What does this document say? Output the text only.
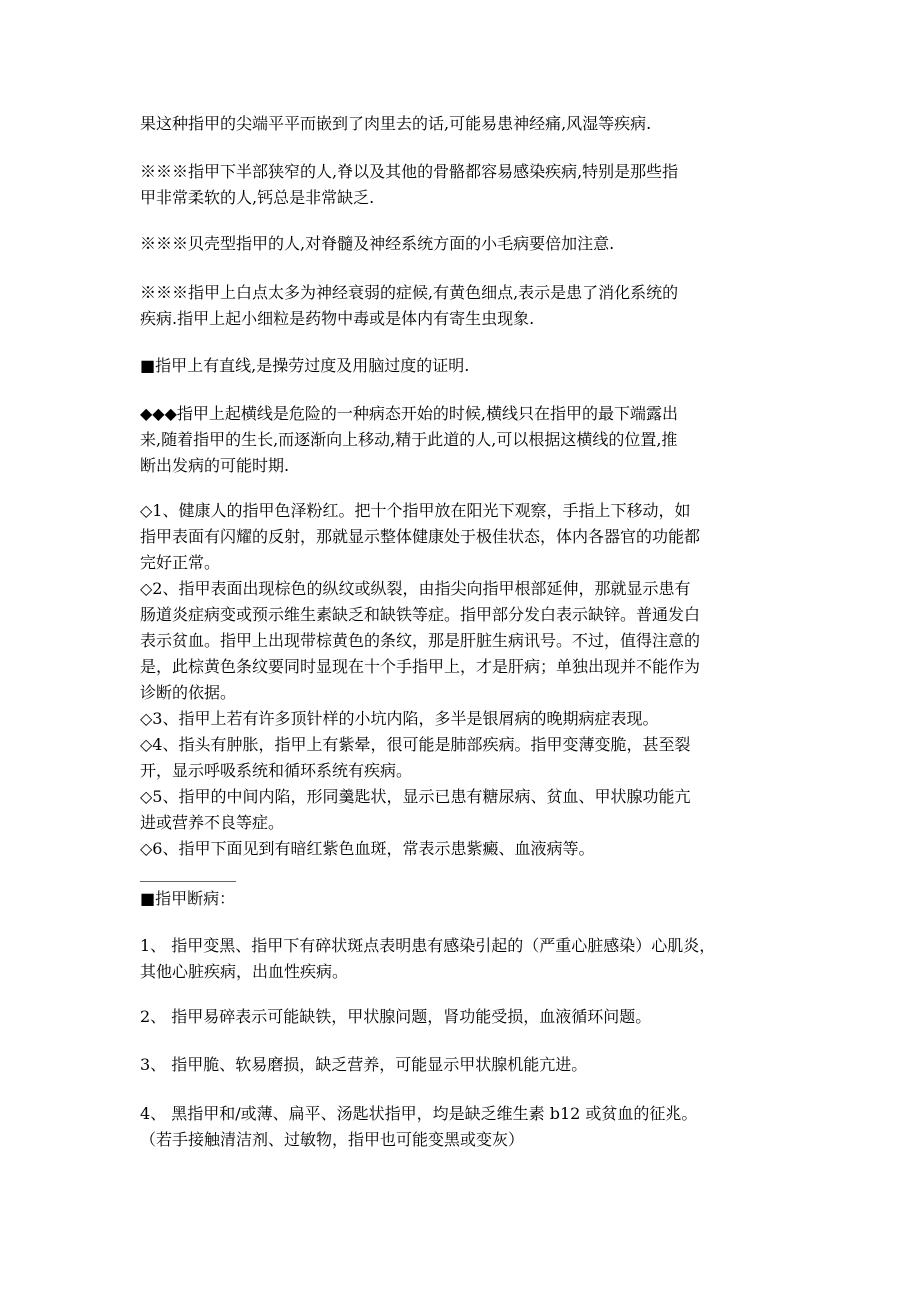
果这种指甲的尖端平平而嵌到了肉里去的话,可能易患神经痛,风湿等疾病.

※※※指甲下半部狭窄的人,脊以及其他的骨骼都容易感染疾病,特别是那些指
甲非常柔软的人,钙总是非常缺乏.

※※※贝壳型指甲的人,对脊髓及神经系统方面的小毛病要倍加注意.

※※※指甲上白点太多为神经衰弱的症候,有黄色细点,表示是患了消化系统的
疾病.指甲上起小细粒是药物中毒或是体内有寄生虫现象.

■指甲上有直线,是操劳过度及用脑过度的证明.

◆◆◆指甲上起横线是危险的一种病态开始的时候,横线只在指甲的最下端露出
来,随着指甲的生长,而逐渐向上移动,精于此道的人,可以根据这横线的位置,推
断出发病的可能时期.

◇1、健康人的指甲色泽粉红。把十个指甲放在阳光下观察，手指上下移动，如
指甲表面有闪耀的反射，那就显示整体健康处于极佳状态，体内各器官的功能都
完好正常。
◇2、指甲表面出现棕色的纵纹或纵裂，由指尖向指甲根部延伸，那就显示患有
肠道炎症病变或预示维生素缺乏和缺铁等症。指甲部分发白表示缺锌。普通发白
表示贫血。指甲上出现带棕黄色的条纹，那是肝脏生病讯号。不过，值得注意的
是，此棕黄色条纹要同时显现在十个手指甲上，才是肝病；单独出现并不能作为
诊断的依据。
◇3、指甲上若有许多顶针样的小坑内陷，多半是银屑病的晚期病症表现。
◇4、指头有肿胀，指甲上有紫晕，很可能是肺部疾病。指甲变薄变脆，甚至裂
开，显示呼吸系统和循环系统有疾病。
◇5、指甲的中间内陷，形同羹匙状，显示已患有糖尿病、贫血、甲状腺功能亢
进或营养不良等症。
◇6、指甲下面见到有暗红紫色血斑，常表示患紫癜、血液病等。

____________
■指甲断病：

1、 指甲变黑、指甲下有碎状斑点表明患有感染引起的（严重心脏感染）心肌炎，
其他心脏疾病，出血性疾病。

2、 指甲易碎表示可能缺铁，甲状腺问题，肾功能受损，血液循环问题。

3、 指甲脆、软易磨损，缺乏营养，可能显示甲状腺机能亢进。

4、 黑指甲和/或薄、扁平、汤匙状指甲，均是缺乏维生素 b12 或贫血的征兆。
（若手接触清洁剂、过敏物，指甲也可能变黑或变灰）
